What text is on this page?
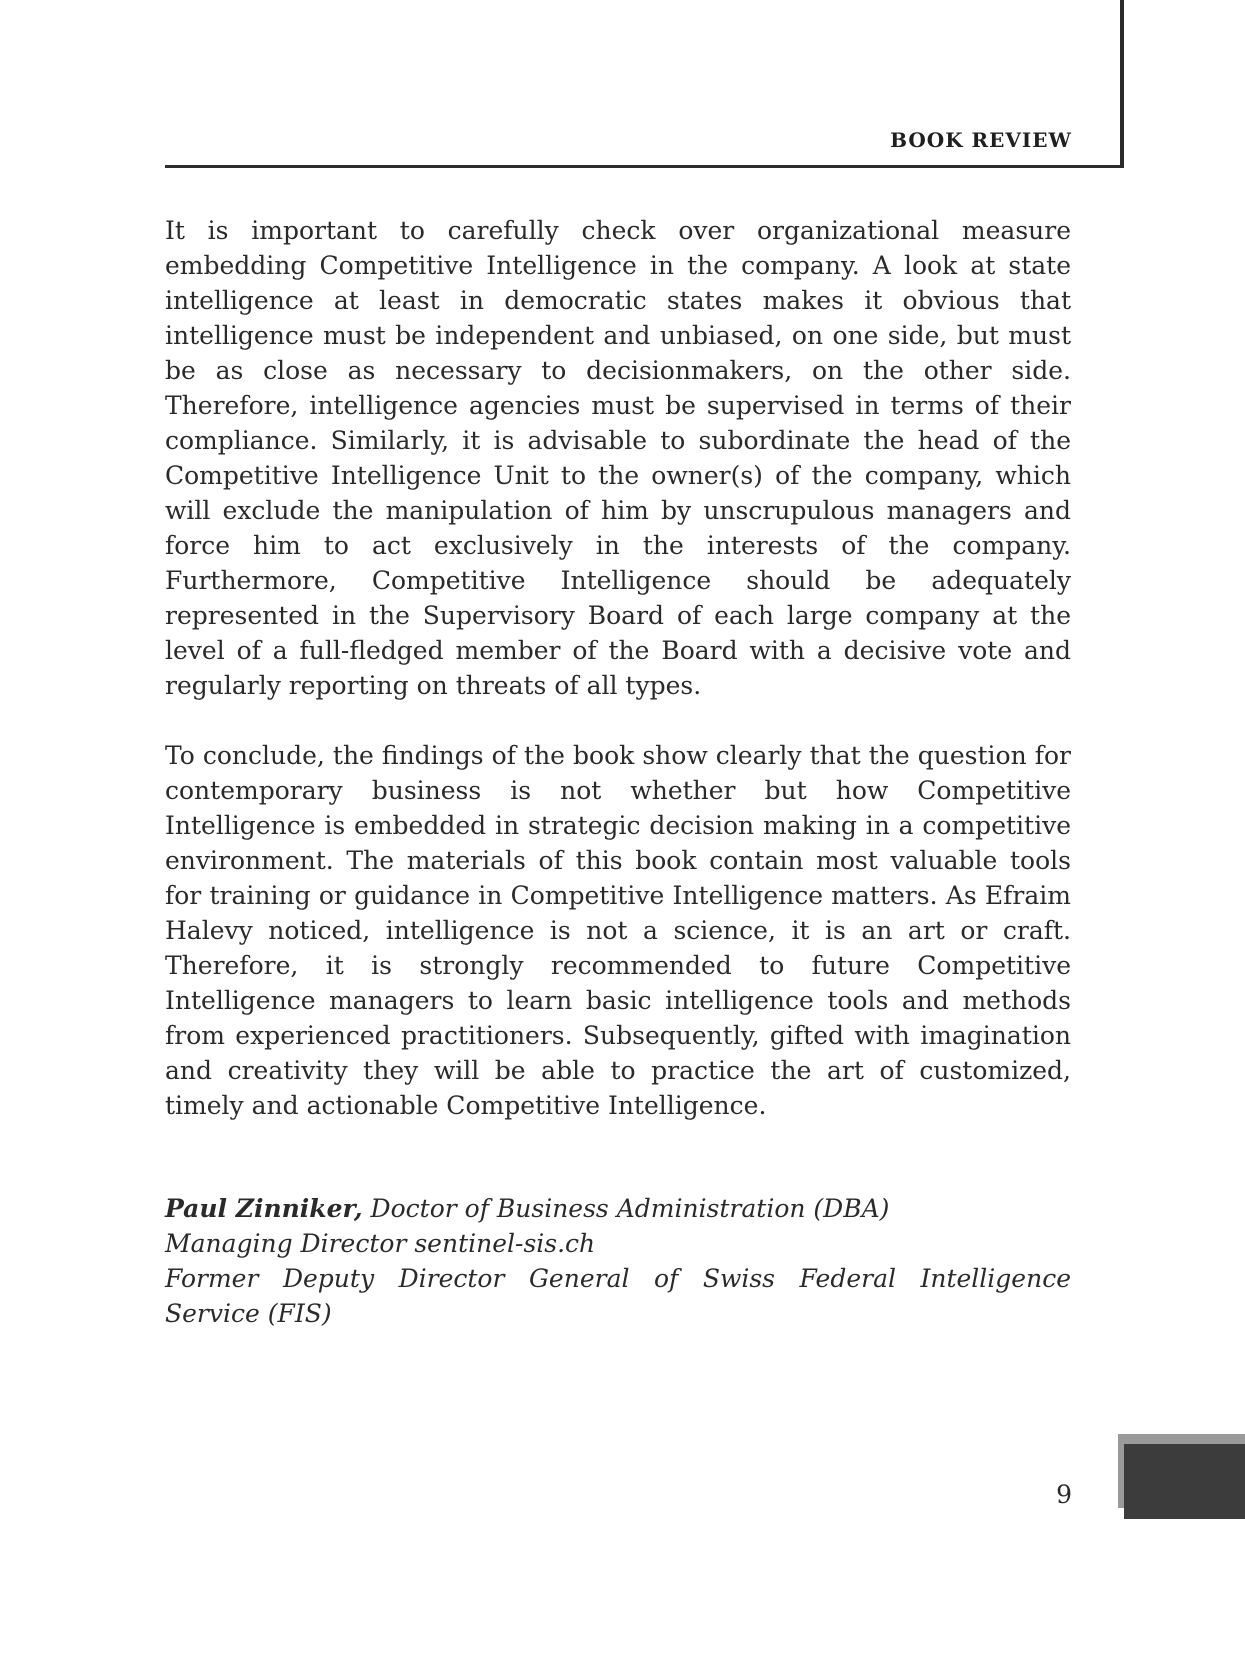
BOOK REVIEW

It is important to carefully check over organizational measure embedding Competitive Intelligence in the company. A look at state intelligence at least in democratic states makes it obvious that intelligence must be independent and unbiased, on one side, but must be as close as necessary to decisionmakers, on the other side. Therefore, intelligence agencies must be supervised in terms of their compliance. Similarly, it is advisable to subordinate the head of the Competitive Intelligence Unit to the owner(s) of the company, which will exclude the manipulation of him by unscrupulous managers and force him to act exclusively in the interests of the company. Furthermore, Competitive Intelligence should be adequately represented in the Supervisory Board of each large company at the level of a full-fledged member of the Board with a decisive vote and regularly reporting on threats of all types.

To conclude, the findings of the book show clearly that the question for contemporary business is not whether but how Competitive Intelligence is embedded in strategic decision making in a competitive environment. The materials of this book contain most valuable tools for training or guidance in Competitive Intelligence matters. As Efraim Halevy noticed, intelligence is not a science, it is an art or craft. Therefore, it is strongly recommended to future Competitive Intelligence managers to learn basic intelligence tools and methods from experienced practitioners. Subsequently, gifted with imagination and creativity they will be able to practice the art of customized, timely and actionable Competitive Intelligence.

Paul Zinniker, Doctor of Business Administration (DBA)
Managing Director sentinel-sis.ch
Former Deputy Director General of Swiss Federal Intelligence
Service (FIS)
9
